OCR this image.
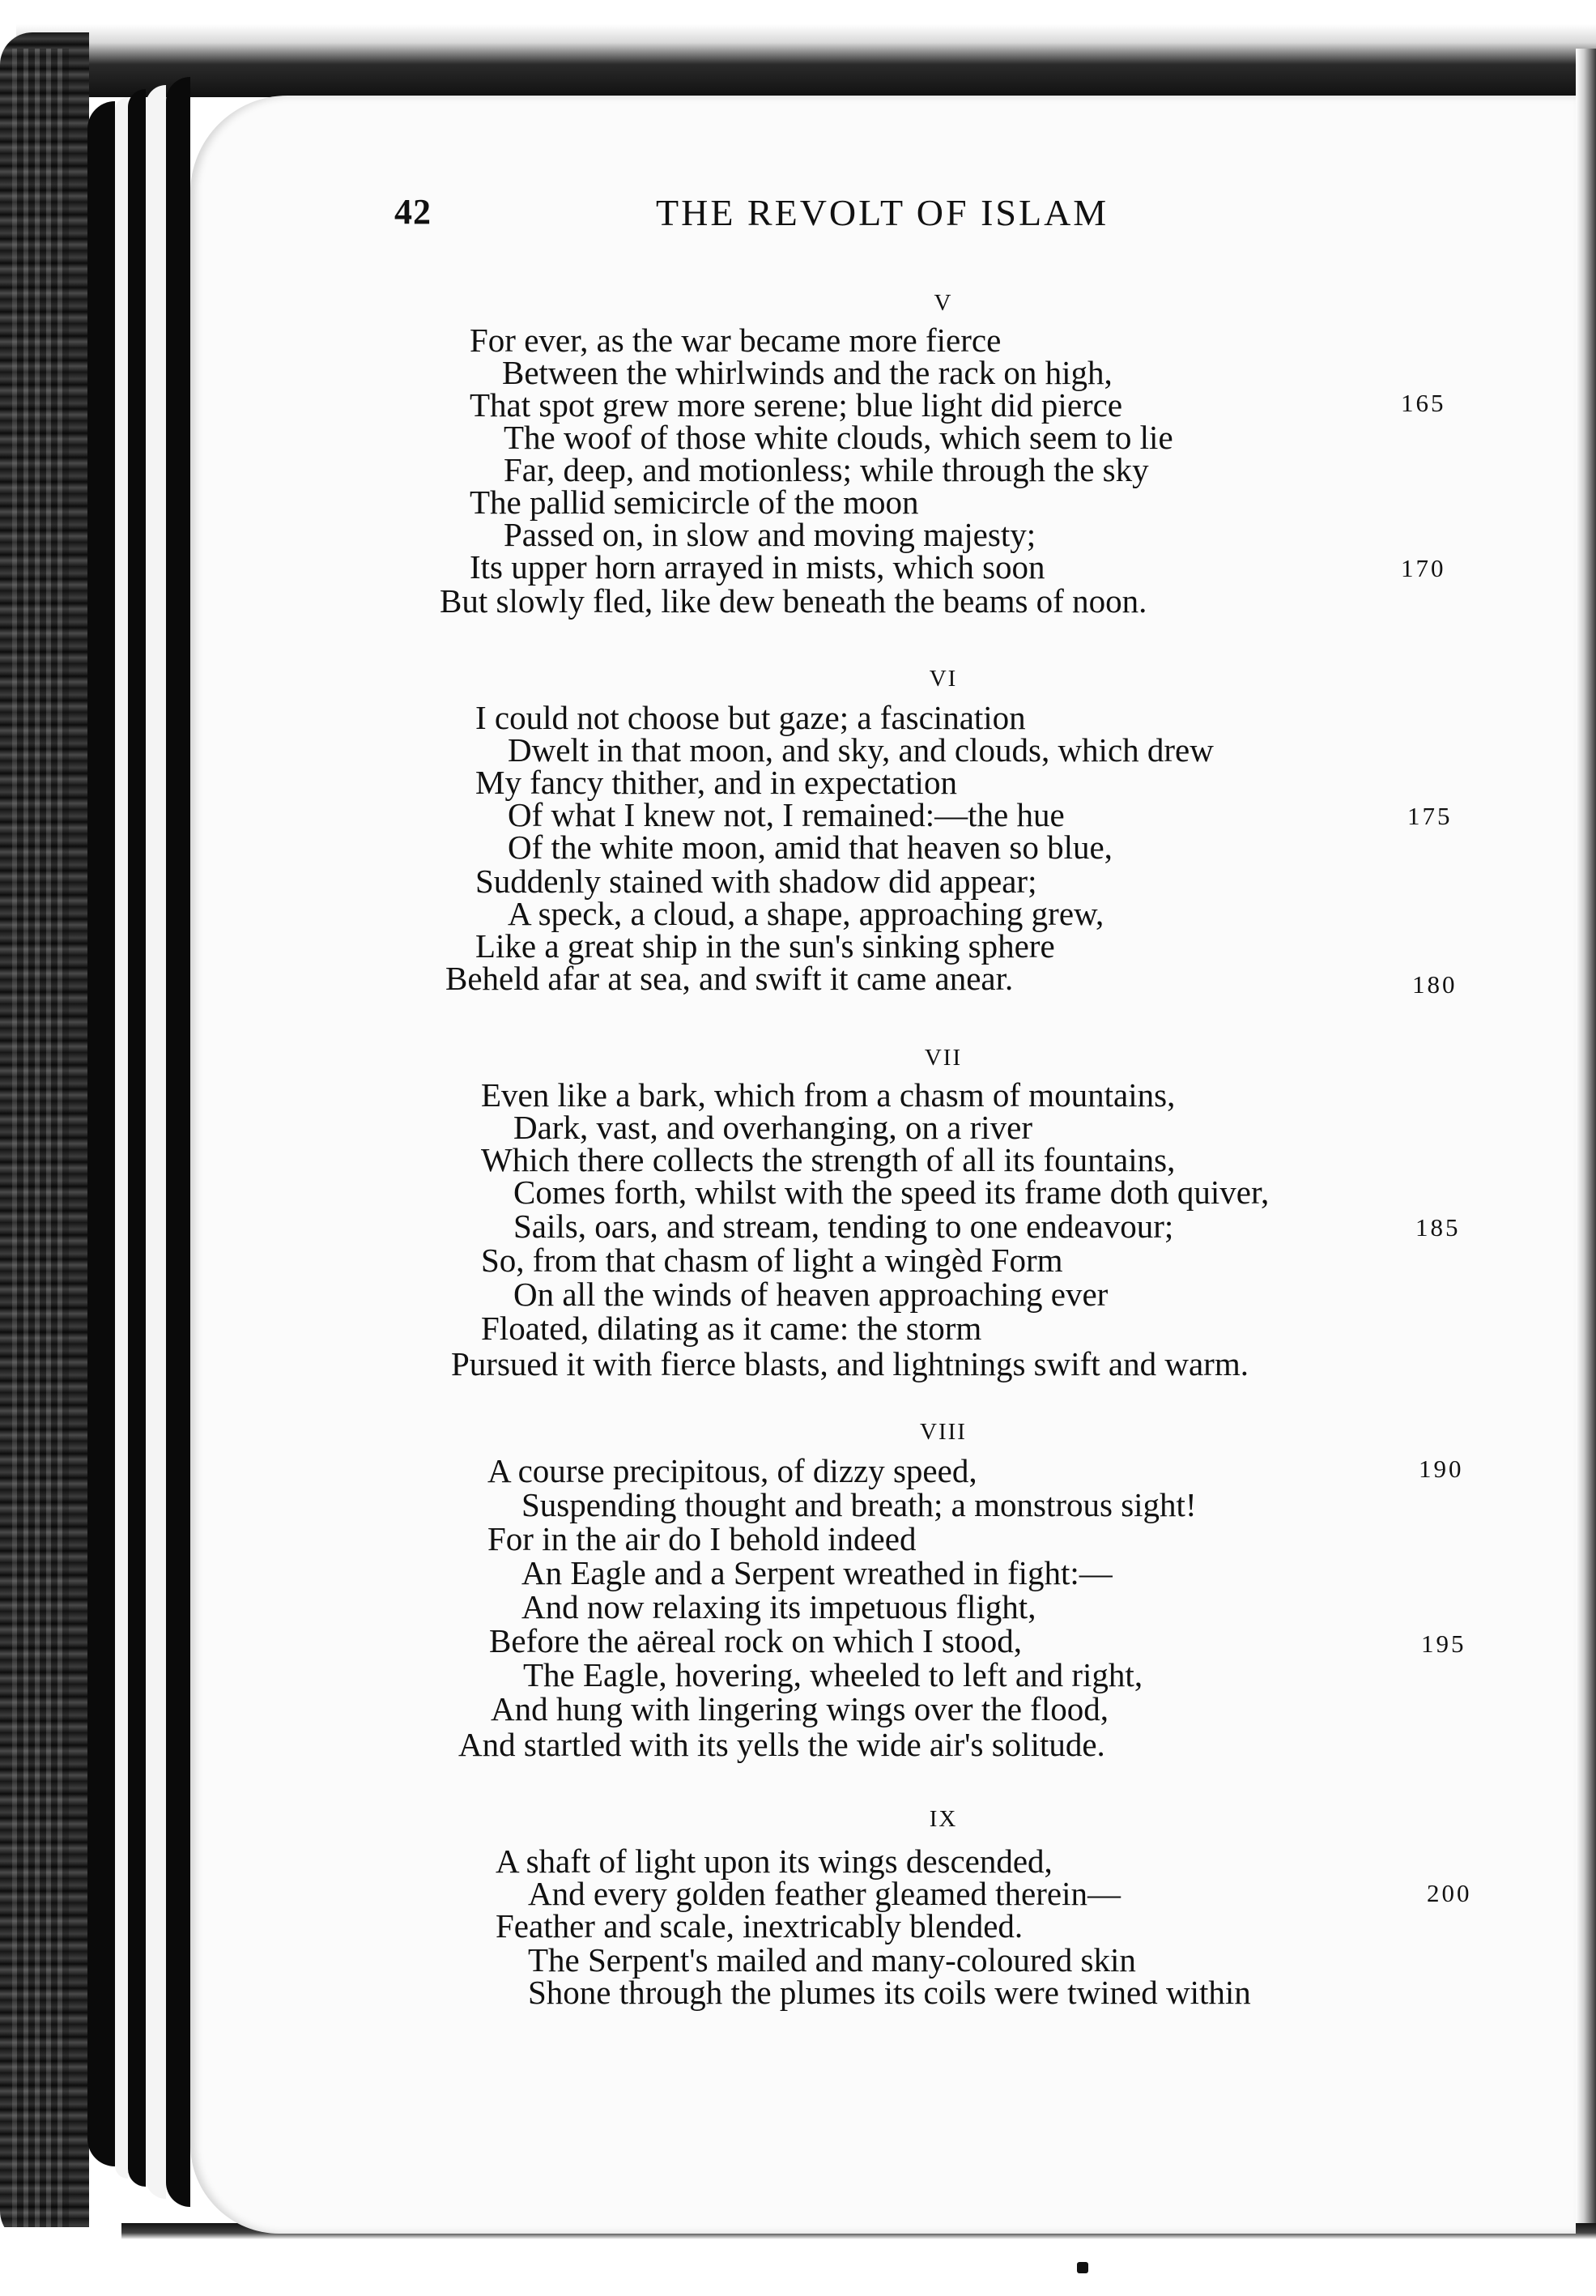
42	THE REVOLT OF ISLAM
V
For ever, as the war became more fierce
Between the whirlwinds and the rack on high,
That spot grew more serene; blue light did pierce	165
The woof of those white clouds, which seem to lie
Far, deep, and motionless; while through the sky
The pallid semicircle of the moon
Passed on, in slow and moving majesty;
Its upper horn arrayed in mists, which soon	170
But slowly fled, like dew beneath the beams of noon.
VI
I could not choose but gaze; a fascination
Dwelt in that moon, and sky, and clouds, which drew
My fancy thither, and in expectation
Of what I knew not, I remained:—the hue	175
Of the white moon, amid that heaven so blue,
Suddenly stained with shadow did appear;
A speck, a cloud, a shape, approaching grew,
Like a great ship in the sun's sinking sphere
Beheld afar at sea, and swift it came anear.	180
VII
Even like a bark, which from a chasm of mountains,
Dark, vast, and overhanging, on a river
Which there collects the strength of all its fountains,
Comes forth, whilst with the speed its frame doth quiver,
Sails, oars, and stream, tending to one endeavour;	185
So, from that chasm of light a wingèd Form
On all the winds of heaven approaching ever
Floated, dilating as it came: the storm
Pursued it with fierce blasts, and lightnings swift and warm.
VIII
A course precipitous, of dizzy speed,	190
Suspending thought and breath; a monstrous sight!
For in the air do I behold indeed
An Eagle and a Serpent wreathed in fight:—
And now relaxing its impetuous flight,
Before the aëreal rock on which I stood,	195
The Eagle, hovering, wheeled to left and right,
And hung with lingering wings over the flood,
And startled with its yells the wide air's solitude.
IX
A shaft of light upon its wings descended,
And every golden feather gleamed therein—	200
Feather and scale, inextricably blended.
The Serpent's mailed and many-coloured skin
Shone through the plumes its coils were twined within
